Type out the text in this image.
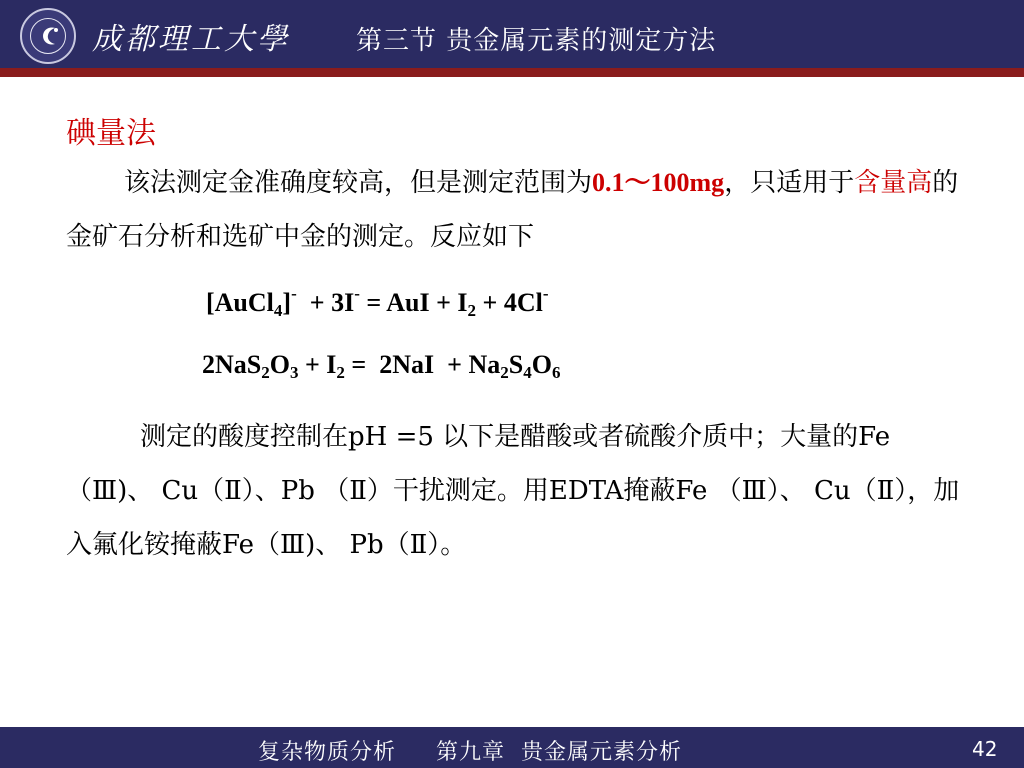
成都理工大學	第三节 贵金属元素的测定方法
碘量法
该法测定金准确度较高，但是测定范围为0.1～100mg，只适用于含量高的金矿石分析和选矿中金的测定。反应如下
[AuCl$_4$]-  + 3I- = AuI + $I_2 + 4Cl^-$
$2NaS_2O_3 + I_2 = 2NaI + Na_2S_4O_6$
测定的酸度控制在pH =5 以下是醋酸或者硫酸介质中；大量的Fe（Ⅲ)、 Cu（Ⅱ）、Pb （Ⅱ）干扰测定。用EDTA掩蔽Fe （Ⅲ）、 Cu（Ⅱ），加入氟化铵掩蔽Fe（Ⅲ)、 Pb（Ⅱ）。
复杂物质分析     第九章  贵金属元素分析	42
